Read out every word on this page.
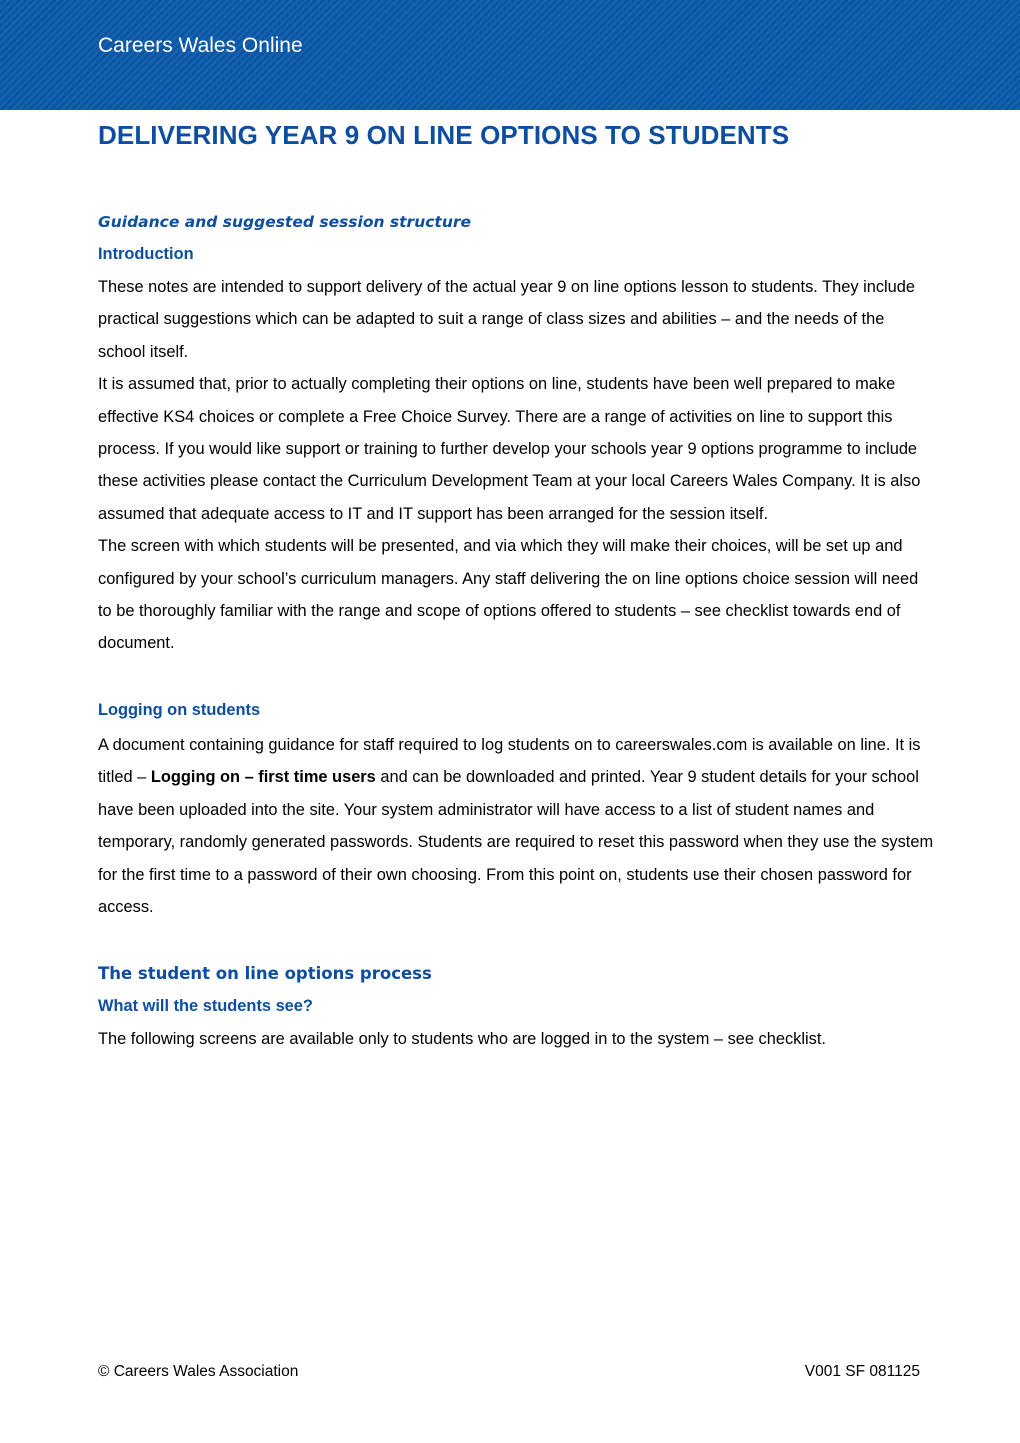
Careers Wales Online
DELIVERING YEAR 9 ON LINE OPTIONS TO STUDENTS

Guidance and suggested session structure

Introduction

These notes are intended to support delivery of the actual year 9 on line options lesson to students. They include practical suggestions which can be adapted to suit a range of class sizes and abilities – and the needs of the school itself.

It is assumed that, prior to actually completing their options on line, students have been well prepared to make effective KS4 choices or complete a Free Choice Survey. There are a range of activities on line to support this process. If you would like support or training to further develop your schools year 9 options programme to include these activities please contact the Curriculum Development Team at your local Careers Wales Company. It is also assumed that adequate access to IT and IT support has been arranged for the session itself.

The screen with which students will be presented, and via which they will make their choices, will be set up and configured by your school’s curriculum managers. Any staff delivering the on line options choice session will need to be thoroughly familiar with the range and scope of options offered to students – see checklist towards end of document.

Logging on students

A document containing guidance for staff required to log students on to careerswales.com is available on line. It is titled – Logging on – first time users and can be downloaded and printed. Year 9 student details for your school have been uploaded into the site. Your system administrator will have access to a list of student names and temporary, randomly generated passwords. Students are required to reset this password when they use the system for the first time to a password of their own choosing. From this point on, students use their chosen password for access.

The student on line options process

What will the students see?

The following screens are available only to students who are logged in to the system – see checklist.

© Careers Wales Association	V001 SF 081125
